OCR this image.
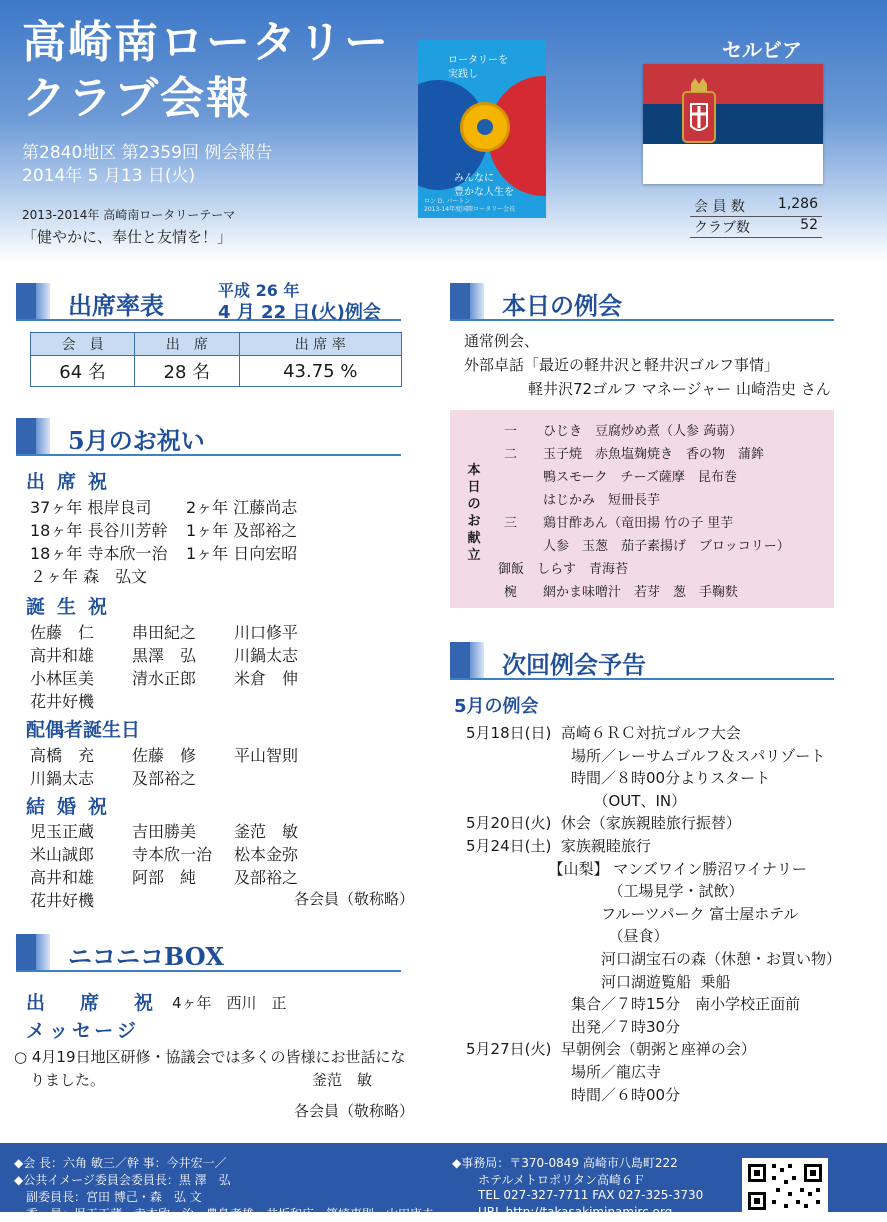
高崎南ロータリー
クラブ会報
第2840地区 第2359回 例会報告
2014年 5 月13 日(火)
2013-2014年 高崎南ロータリーテーマ
「健やかに、奉仕と友情を！」
ロータリーを
実践し
みんなに
豊かな人生を
ロン D. バートン
2013-14年度国際ロータリー会長
セルビア
会 員 数 1,286
クラブ数	52
出席率表
平成 26 年
4 月 22 日(火)例会
会　員	出　席	出 席 率
64 名	28 名	43.75 %
5月のお祝い
出席祝
37ヶ年 根岸良司 2ヶ年 江藤尚志
18ヶ年 長谷川芳幹 1ヶ年 及部裕之
18ヶ年 寺本欣一治 1ヶ年 日向宏昭
２ヶ年 森　弘文
誕生祝
佐藤　仁 串田紀之 川口修平
高井和雄 黒澤　弘 川鍋太志
小林匡美 清水正郎 米倉　伸
花井好機
配偶者誕生日
高橋　充 佐藤　修 平山智則
川鍋太志 及部裕之
結婚祝
児玉正蔵 吉田勝美 釜范　敏
米山誠郎 寺本欣一治 松本金弥
高井和雄 阿部　純 及部裕之
花井好機	各会員（敬称略）
ニコニコBOX
出　席　祝 4ヶ年　西川　正
メッセージ
○ 4月19日地区研修・協議会では多くの皆様にお世話にな
りました。	釜范　敏
各会員（敬称略）
本日の例会
通常例会、
外部卓話「最近の軽井沢と軽井沢ゴルフ事情」
軽井沢72ゴルフ マネージャー 山崎浩史 さん
本日のお献立
一　　ひじき　豆腐炒め煮（人参 蒟蒻）
二　　玉子焼　赤魚塩麹焼き　香の物　蒲鉾
　　　鴨スモーク　チーズ薩摩　昆布巻
　　　はじかみ　短冊長芋
三　　鶏甘酢あん（竜田揚 竹の子 里芋
　　　人参　玉葱　茄子素揚げ　ブロッコリー）
御飯　しらす　青海苔
椀　　網かま味噌汁　若芽　葱　手鞠麩
次回例会予告
5月の例会
5月18日(日)  高崎６ＲＣ対抗ゴルフ大会
　　　　　　　場所／レーサムゴルフ＆スパリゾート
　　　　　　　時間／８時00分よりスタート
　　　　　　　　　（OUT、IN）
5月20日(火)  休会（家族親睦旅行振替）
5月24日(土)  家族親睦旅行
　　　　　　【山梨】 マンズワイン勝沼ワイナリー
　　　　　　　　　　（工場見学・試飲）
　　　　　　　　　フルーツパーク 富士屋ホテル
　　　　　　　　　　（昼食）
　　　　　　　　　河口湖宝石の森（休憩・お買い物）
　　　　　　　　　河口湖遊覧船  乗船
　　　　　　　集合／７時15分　南小学校正面前
　　　　　　　出発／７時30分
5月27日(火)  早朝例会（朝粥と座禅の会）
　　　　　　　場所／龍広寺
　　　　　　　時間／６時00分
◆会 長：六角 敏三／幹 事：今井宏一／
◆公共イメージ委員会委員長：黒 澤　弘
　副委員長：宮田 博己・森　弘 文
　委　員：児玉正蔵・寺本欣一治・豊島孝雄・井坂和広・篠崎恵則・山田康夫
◆事務局：〒370-0849 高崎市八島町222
ホテルメトロポリタン高崎６Ｆ
TEL 027-327-7711 FAX 027-325-3730
URL http://takasakiminamirc.org
